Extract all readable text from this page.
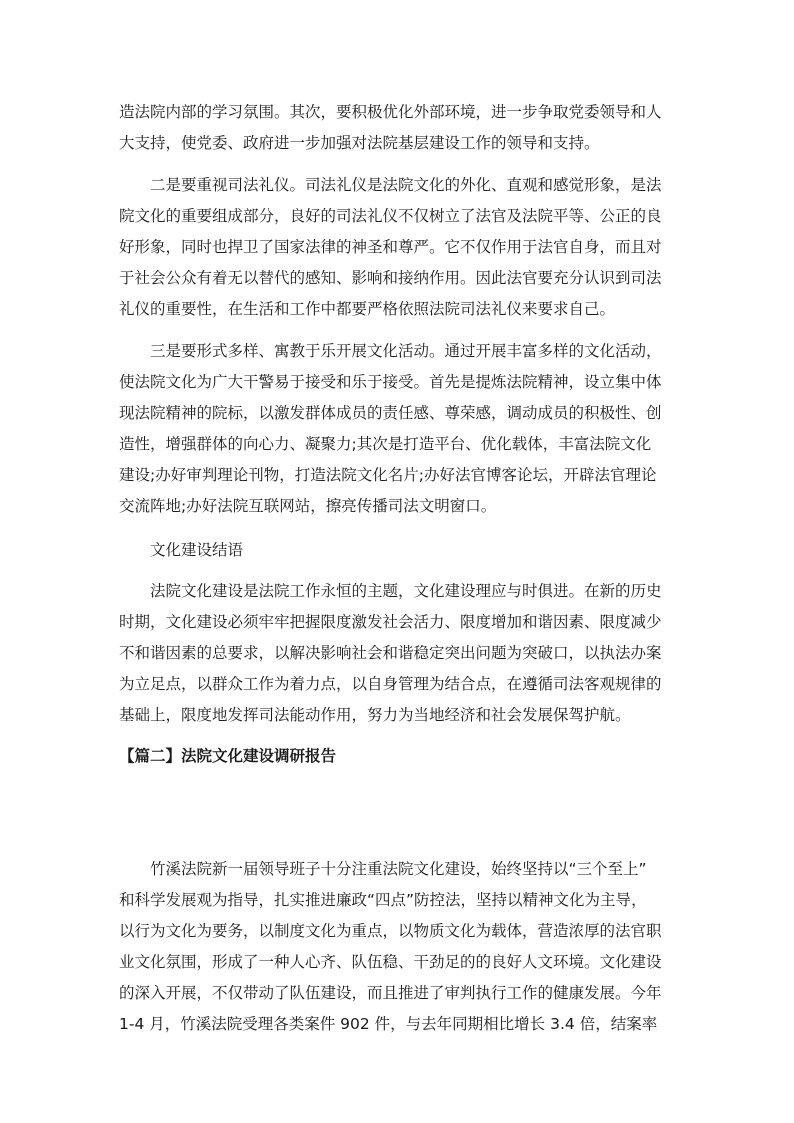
造法院内部的学习氛围。其次，要积极优化外部环境，进一步争取党委领导和人
大支持，使党委、政府进一步加强对法院基层建设工作的领导和支持。
二是要重视司法礼仪。司法礼仪是法院文化的外化、直观和感觉形象，是法
院文化的重要组成部分，良好的司法礼仪不仅树立了法官及法院平等、公正的良
好形象，同时也捍卫了国家法律的神圣和尊严。它不仅作用于法官自身，而且对
于社会公众有着无以替代的感知、影响和接纳作用。因此法官要充分认识到司法
礼仪的重要性，在生活和工作中都要严格依照法院司法礼仪来要求自己。
三是要形式多样、寓教于乐开展文化活动。通过开展丰富多样的文化活动，
使法院文化为广大干警易于接受和乐于接受。首先是提炼法院精神，设立集中体
现法院精神的院标，以激发群体成员的责任感、尊荣感，调动成员的积极性、创
造性，增强群体的向心力、凝聚力;其次是打造平台、优化载体，丰富法院文化
建设;办好审判理论刊物，打造法院文化名片;办好法官博客论坛，开辟法官理论
交流阵地;办好法院互联网站，擦亮传播司法文明窗口。
文化建设结语
法院文化建设是法院工作永恒的主题，文化建设理应与时俱进。在新的历史
时期，文化建设必须牢牢把握限度激发社会活力、限度增加和谐因素、限度减少
不和谐因素的总要求，以解决影响社会和谐稳定突出问题为突破口，以执法办案
为立足点，以群众工作为着力点，以自身管理为结合点，在遵循司法客观规律的
基础上，限度地发挥司法能动作用，努力为当地经济和社会发展保驾护航。
【篇二】法院文化建设调研报告
竹溪法院新一届领导班子十分注重法院文化建设，始终坚持以“三个至上”
和科学发展观为指导，扎实推进廉政“四点”防控法，坚持以精神文化为主导，
以行为文化为要务，以制度文化为重点，以物质文化为载体，营造浓厚的法官职
业文化氛围，形成了一种人心齐、队伍稳、干劲足的的良好人文环境。文化建设
的深入开展，不仅带动了队伍建设，而且推进了审判执行工作的健康发展。今年
1-4 月，竹溪法院受理各类案件 902 件，与去年同期相比增长 3.4 倍，结案率
